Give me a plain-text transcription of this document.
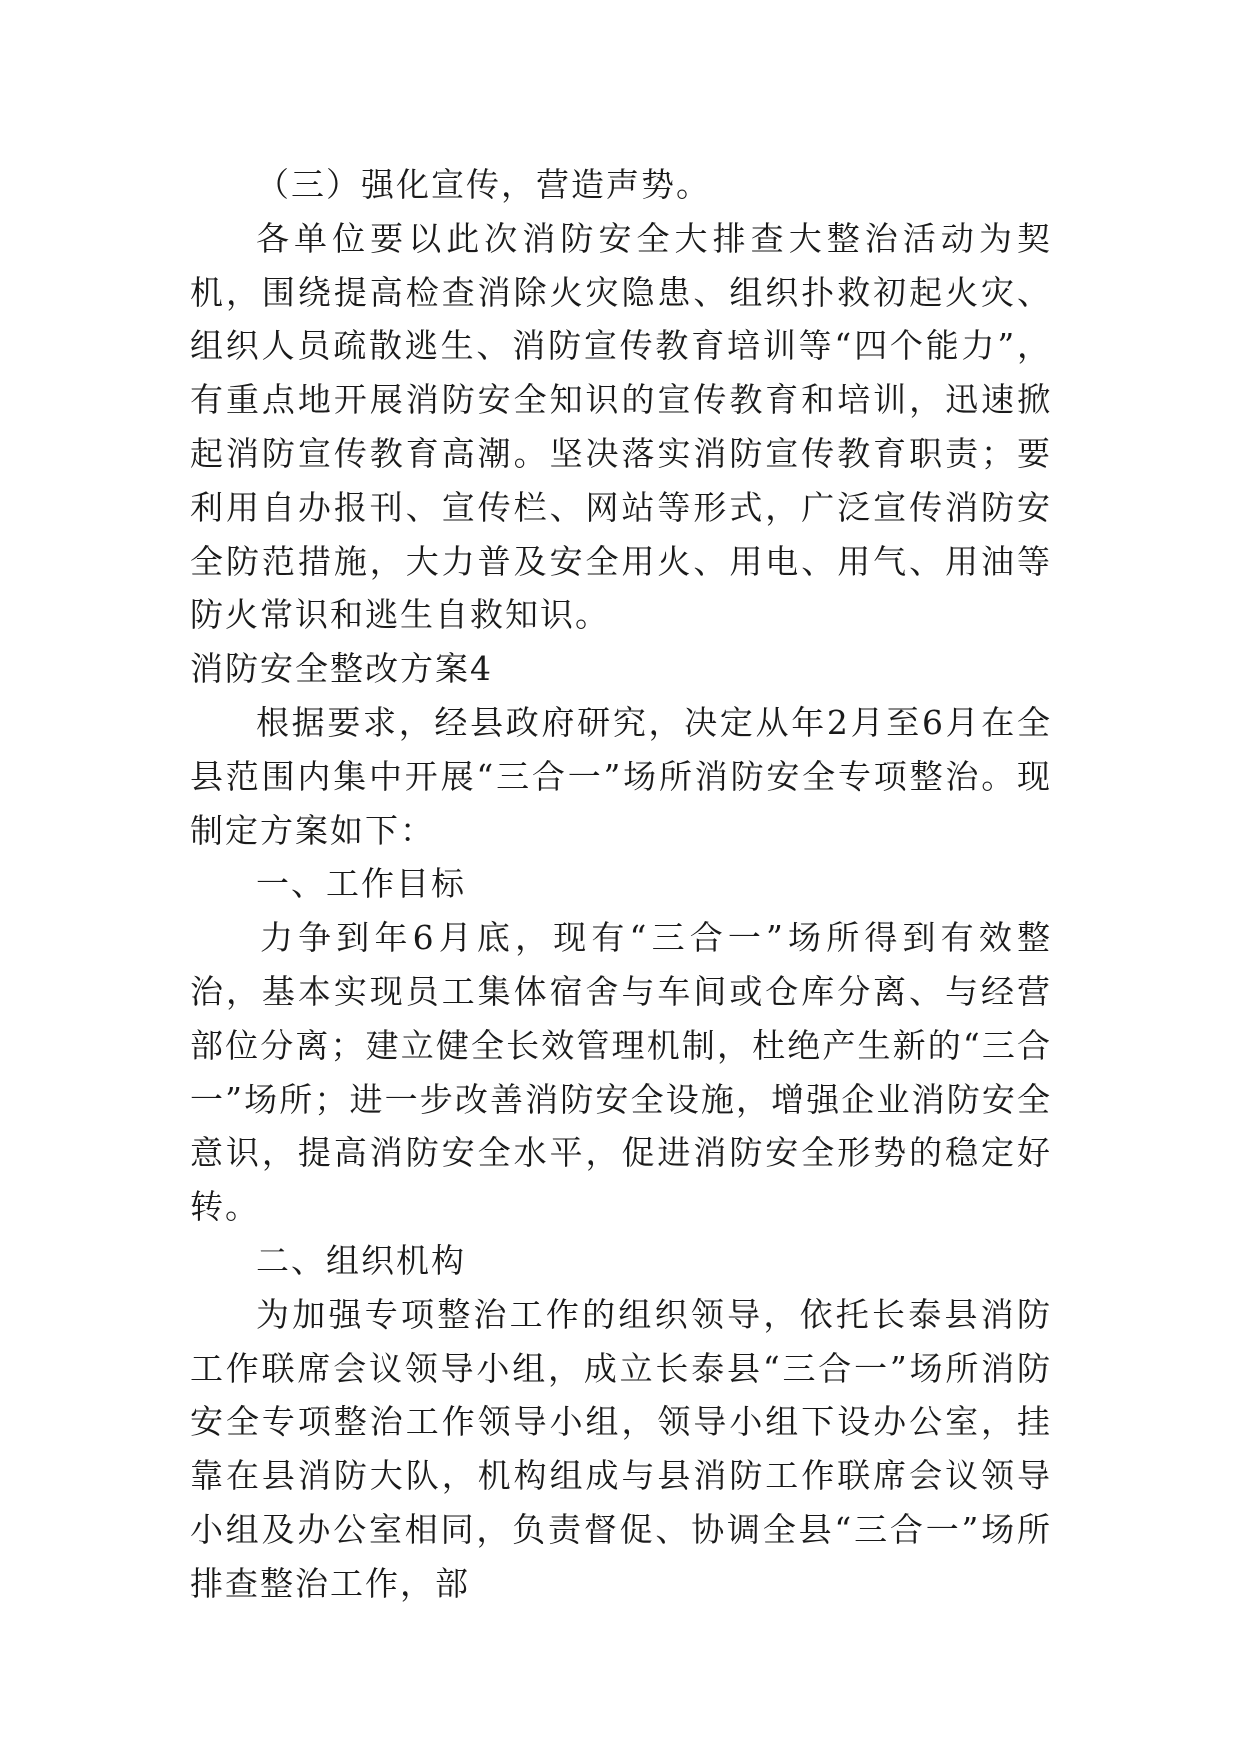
（三）强化宣传，营造声势。

各单位要以此次消防安全大排查大整治活动为契机，围绕提高检查消除火灾隐患、组织扑救初起火灾、组织人员疏散逃生、消防宣传教育培训等“四个能力”，有重点地开展消防安全知识的宣传教育和培训，迅速掀起消防宣传教育高潮。坚决落实消防宣传教育职责；要利用自办报刊、宣传栏、网站等形式，广泛宣传消防安全防范措施，大力普及安全用火、用电、用气、用油等防火常识和逃生自救知识。

消防安全整改方案4

根据要求，经县政府研究，决定从年2月至6月在全县范围内集中开展“三合一”场所消防安全专项整治。现制定方案如下：

一、工作目标

力争到年6月底，现有“三合一”场所得到有效整治，基本实现员工集体宿舍与车间或仓库分离、与经营部位分离；建立健全长效管理机制，杜绝产生新的“三合一”场所；进一步改善消防安全设施，增强企业消防安全意识，提高消防安全水平，促进消防安全形势的稳定好转。

二、组织机构

为加强专项整治工作的组织领导，依托长泰县消防工作联席会议领导小组，成立长泰县“三合一”场所消防安全专项整治工作领导小组，领导小组下设办公室，挂靠在县消防大队，机构组成与县消防工作联席会议领导小组及办公室相同，负责督促、协调全县“三合一”场所排查整治工作，部
